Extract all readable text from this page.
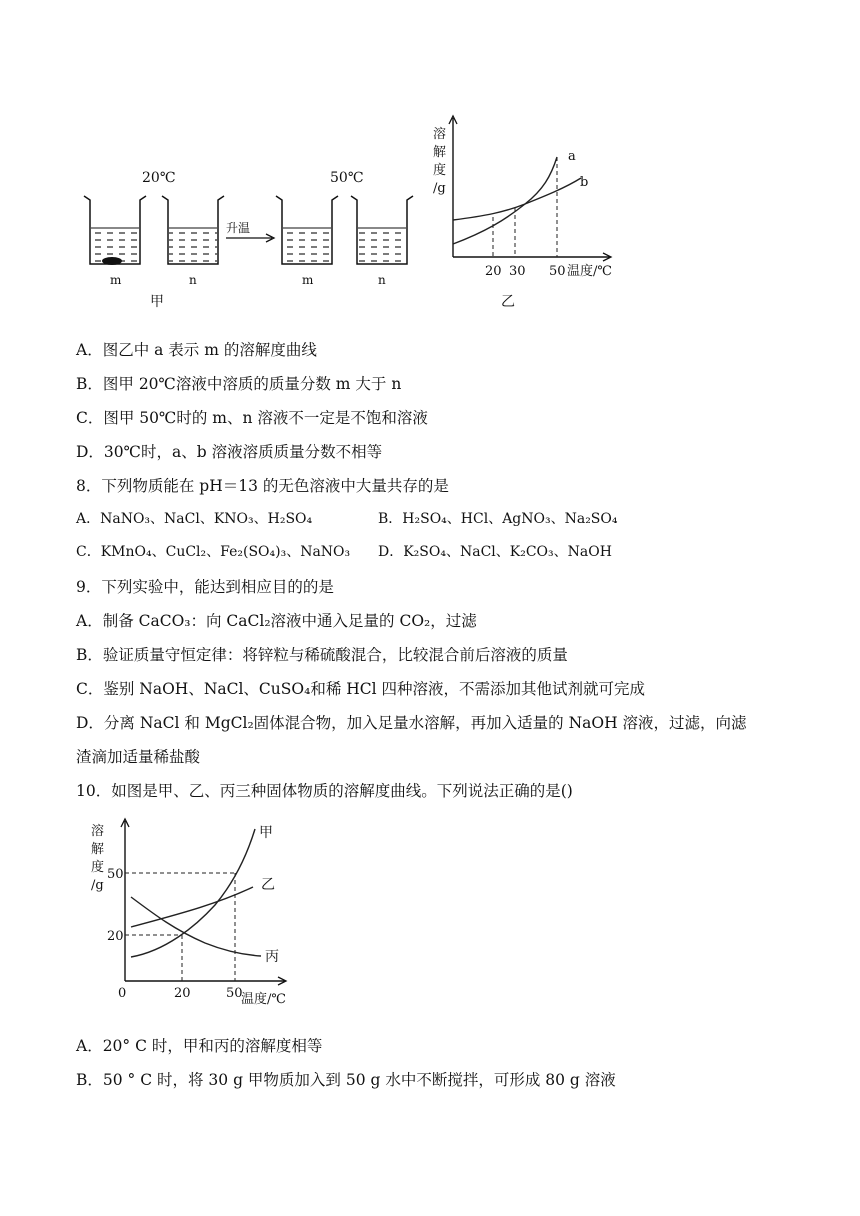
20℃	50℃
升温
m	n	m	n
甲
溶
解
度
/g
a
b
20 30 50 温度/℃
乙
A．图乙中 a 表示 m 的溶解度曲线
B．图甲 20℃溶液中溶质的质量分数 m 大于 n
C．图甲 50℃时的 m、n 溶液不一定是不饱和溶液
D．30℃时，a、b 溶液溶质质量分数不相等
8．下列物质能在 pH＝13 的无色溶液中大量共存的是
A．NaNO₃、NaCl、KNO₃、H₂SO₄	B．H₂SO₄、HCl、AgNO₃、Na₂SO₄
C．KMnO₄、CuCl₂、Fe₂(SO₄)₃、NaNO₃ D．K₂SO₄、NaCl、K₂CO₃、NaOH
9．下列实验中，能达到相应目的的是
A．制备 CaCO₃：向 CaCl₂溶液中通入足量的 CO₂，过滤
B．验证质量守恒定律：将锌粒与稀硫酸混合，比较混合前后溶液的质量
C．鉴别 NaOH、NaCl、CuSO₄和稀 HCl 四种溶液，不需添加其他试剂就可完成
D．分离 NaCl 和 MgCl₂固体混合物，加入足量水溶解，再加入适量的 NaOH 溶液，过滤，向滤
渣滴加适量稀盐酸
10．如图是甲、乙、丙三种固体物质的溶解度曲线。下列说法正确的是()
溶
解
度
/g
50
20
0	20	50
温度/℃
甲
乙
丙
A．20° C 时，甲和丙的溶解度相等
B．50 ° C 时，将 30 g 甲物质加入到 50 g 水中不断搅拌，可形成 80 g 溶液
